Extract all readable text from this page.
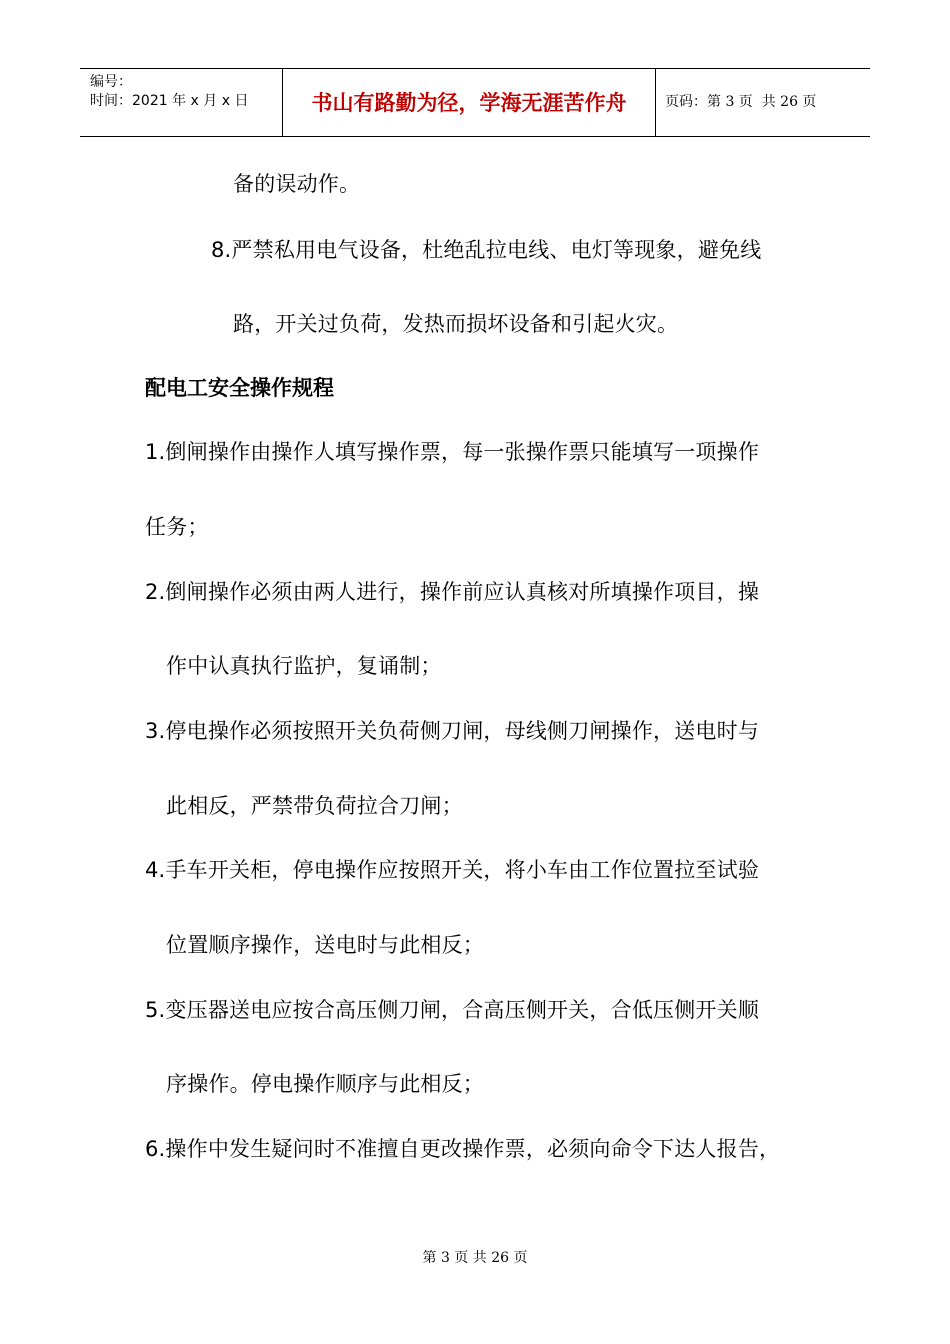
编号：
时间：2021 年 x 月 x 日	书山有路勤为径，学海无涯苦作舟	页码：第 3 页  共 26 页
备的误动作。
8.严禁私用电气设备，杜绝乱拉电线、电灯等现象，避免线
路，开关过负荷，发热而损坏设备和引起火灾。
配电工安全操作规程
1.倒闸操作由操作人填写操作票，每一张操作票只能填写一项操作
任务；
2.倒闸操作必须由两人进行，操作前应认真核对所填操作项目，操
作中认真执行监护，复诵制；
3.停电操作必须按照开关负荷侧刀闸，母线侧刀闸操作，送电时与
此相反，严禁带负荷拉合刀闸；
4.手车开关柜，停电操作应按照开关，将小车由工作位置拉至试验
位置顺序操作，送电时与此相反；
5.变压器送电应按合高压侧刀闸，合高压侧开关，合低压侧开关顺
序操作。停电操作顺序与此相反；
6.操作中发生疑问时不准擅自更改操作票，必须向命令下达人报告，
第 3 页 共 26 页
